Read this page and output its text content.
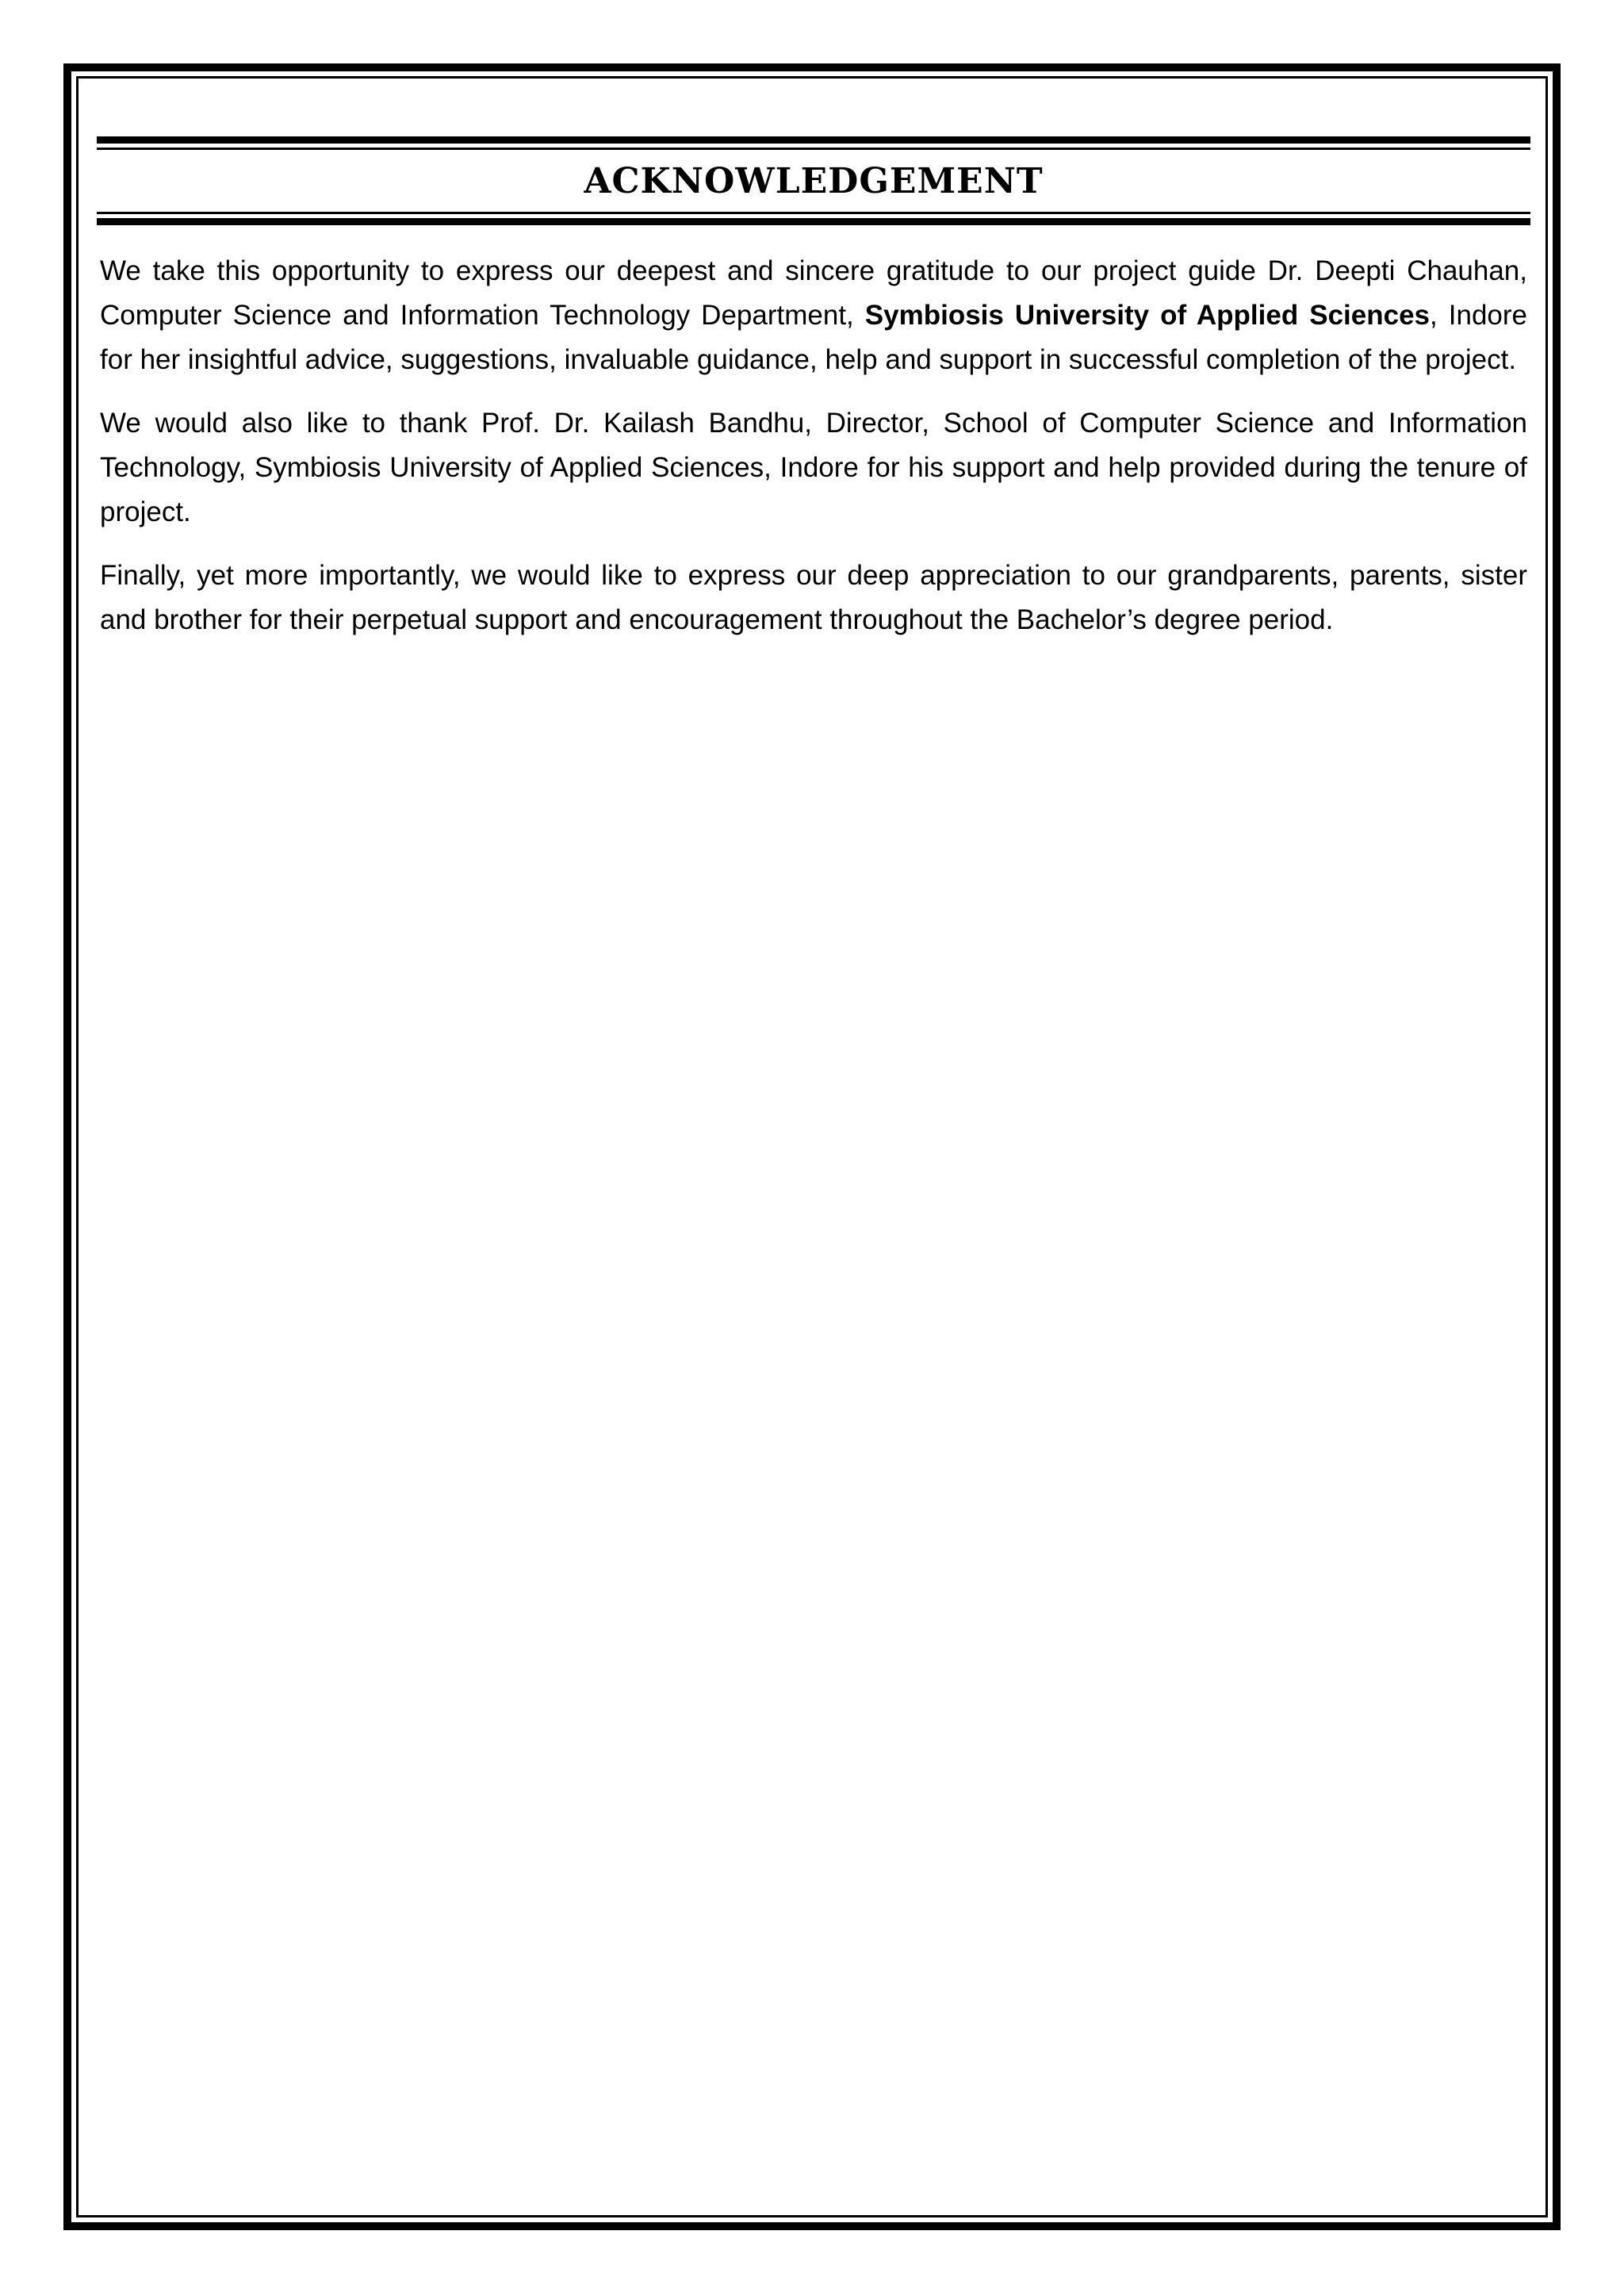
ACKNOWLEDGEMENT

We take this opportunity to express our deepest and sincere gratitude to our project guide Dr. Deepti Chauhan, Computer Science and Information Technology Department, Symbiosis University of Applied Sciences, Indore for her insightful advice, suggestions, invaluable guidance, help and support in successful completion of the project.

We would also like to thank Prof. Dr. Kailash Bandhu, Director, School of Computer Science and Information Technology, Symbiosis University of Applied Sciences, Indore for his support and help provided during the tenure of project.

Finally, yet more importantly, we would like to express our deep appreciation to our grandparents, parents, sister and brother for their perpetual support and encouragement throughout the Bachelor’s degree period.
